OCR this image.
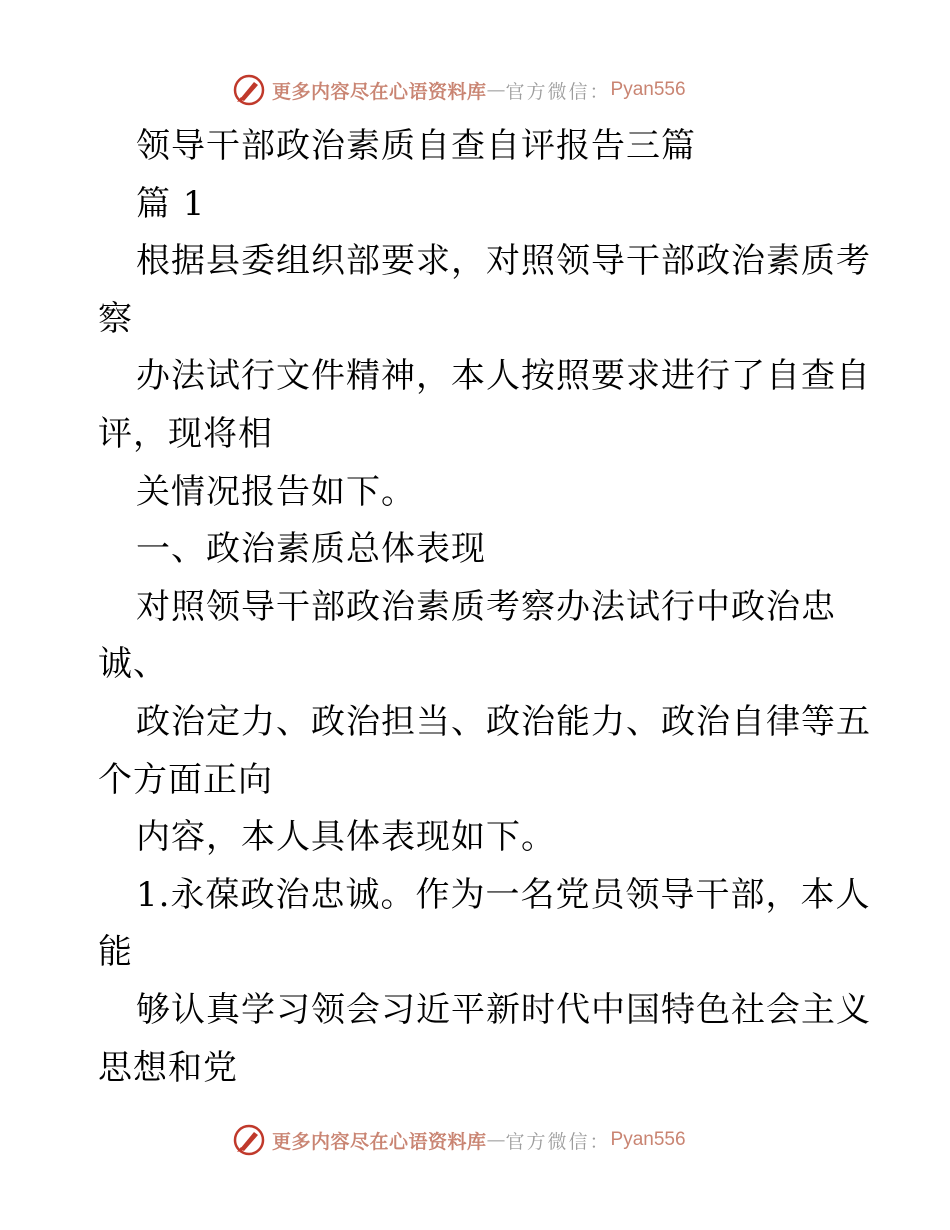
更多内容尽在心语资料库 — 官方微信： Pyan556
领导干部政治素质自查自评报告三篇
篇 1
根据县委组织部要求，对照领导干部政治素质考
察
办法试行文件精神，本人按照要求进行了自查自
评，现将相
关情况报告如下。
一、政治素质总体表现
对照领导干部政治素质考察办法试行中政治忠
诚、
政治定力、政治担当、政治能力、政治自律等五
个方面正向
内容，本人具体表现如下。
1.永葆政治忠诚。作为一名党员领导干部，本人
能
够认真学习领会习近平新时代中国特色社会主义
思想和党
更多内容尽在心语资料库 — 官方微信： Pyan556
